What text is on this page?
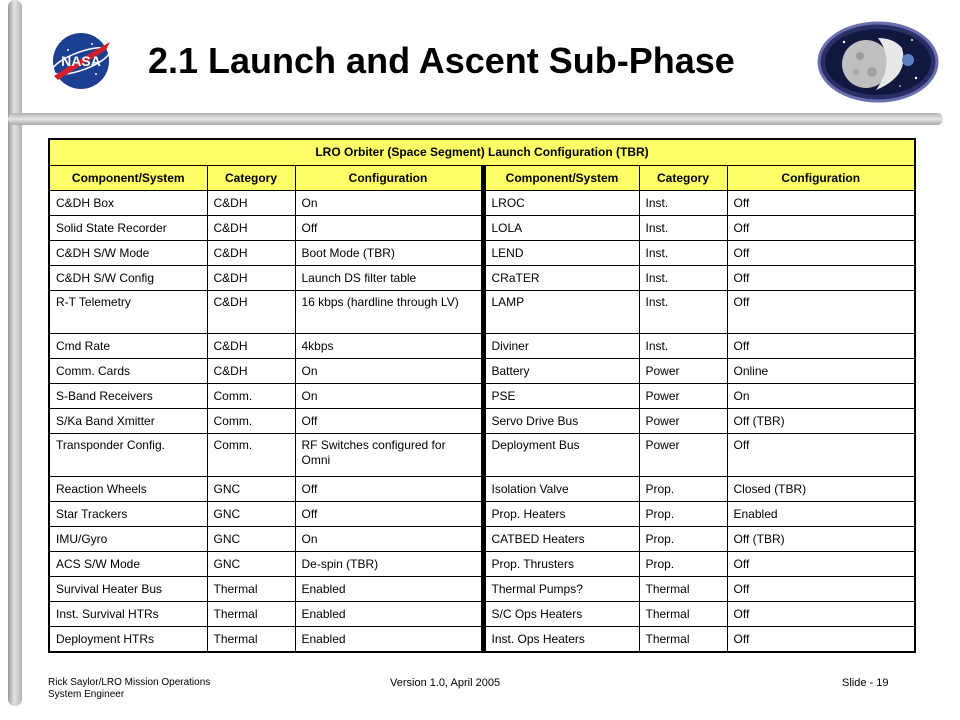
NASA 2.1 Launch and Ascent Sub-Phase
LRO Orbiter (Space Segment) Launch Configuration (TBR)					
Component/System	Category	Configuration	Component/System	Category	Configuration
C&DH Box	C&DH	On	LROC	Inst.	Off
Solid State Recorder	C&DH	Off	LOLA	Inst.	Off
C&DH S/W Mode	C&DH	Boot Mode (TBR)	LEND	Inst.	Off
C&DH S/W Config	C&DH	Launch DS filter table	CRaTER	Inst.	Off
R-T Telemetry	C&DH	16 kbps (hardline through LV)	LAMP	Inst.	Off
Cmd Rate	C&DH	4kbps	Diviner	Inst.	Off
Comm. Cards	C&DH	On	Battery	Power	Online
S-Band Receivers	Comm.	On	PSE	Power	On
S/Ka Band Xmitter	Comm.	Off	Servo Drive Bus	Power	Off (TBR)
Transponder Config.	Comm.	RF Switches configured for Omni	Deployment Bus	Power	Off
Reaction Wheels	GNC	Off	Isolation Valve	Prop.	Closed (TBR)
Star Trackers	GNC	Off	Prop. Heaters	Prop.	Enabled
IMU/Gyro	GNC	On	CATBED Heaters	Prop.	Off (TBR)
ACS S/W Mode	GNC	De-spin (TBR)	Prop. Thrusters	Prop.	Off
Survival Heater Bus	Thermal	Enabled	Thermal Pumps?	Thermal	Off
Inst. Survival HTRs	Thermal	Enabled	S/C Ops Heaters	Thermal	Off
Deployment HTRs	Thermal	Enabled	Inst. Ops Heaters	Thermal	Off
Rick Saylor/LRO Mission Operations
System Engineer
Version 1.0, April 2005	Slide - 19
